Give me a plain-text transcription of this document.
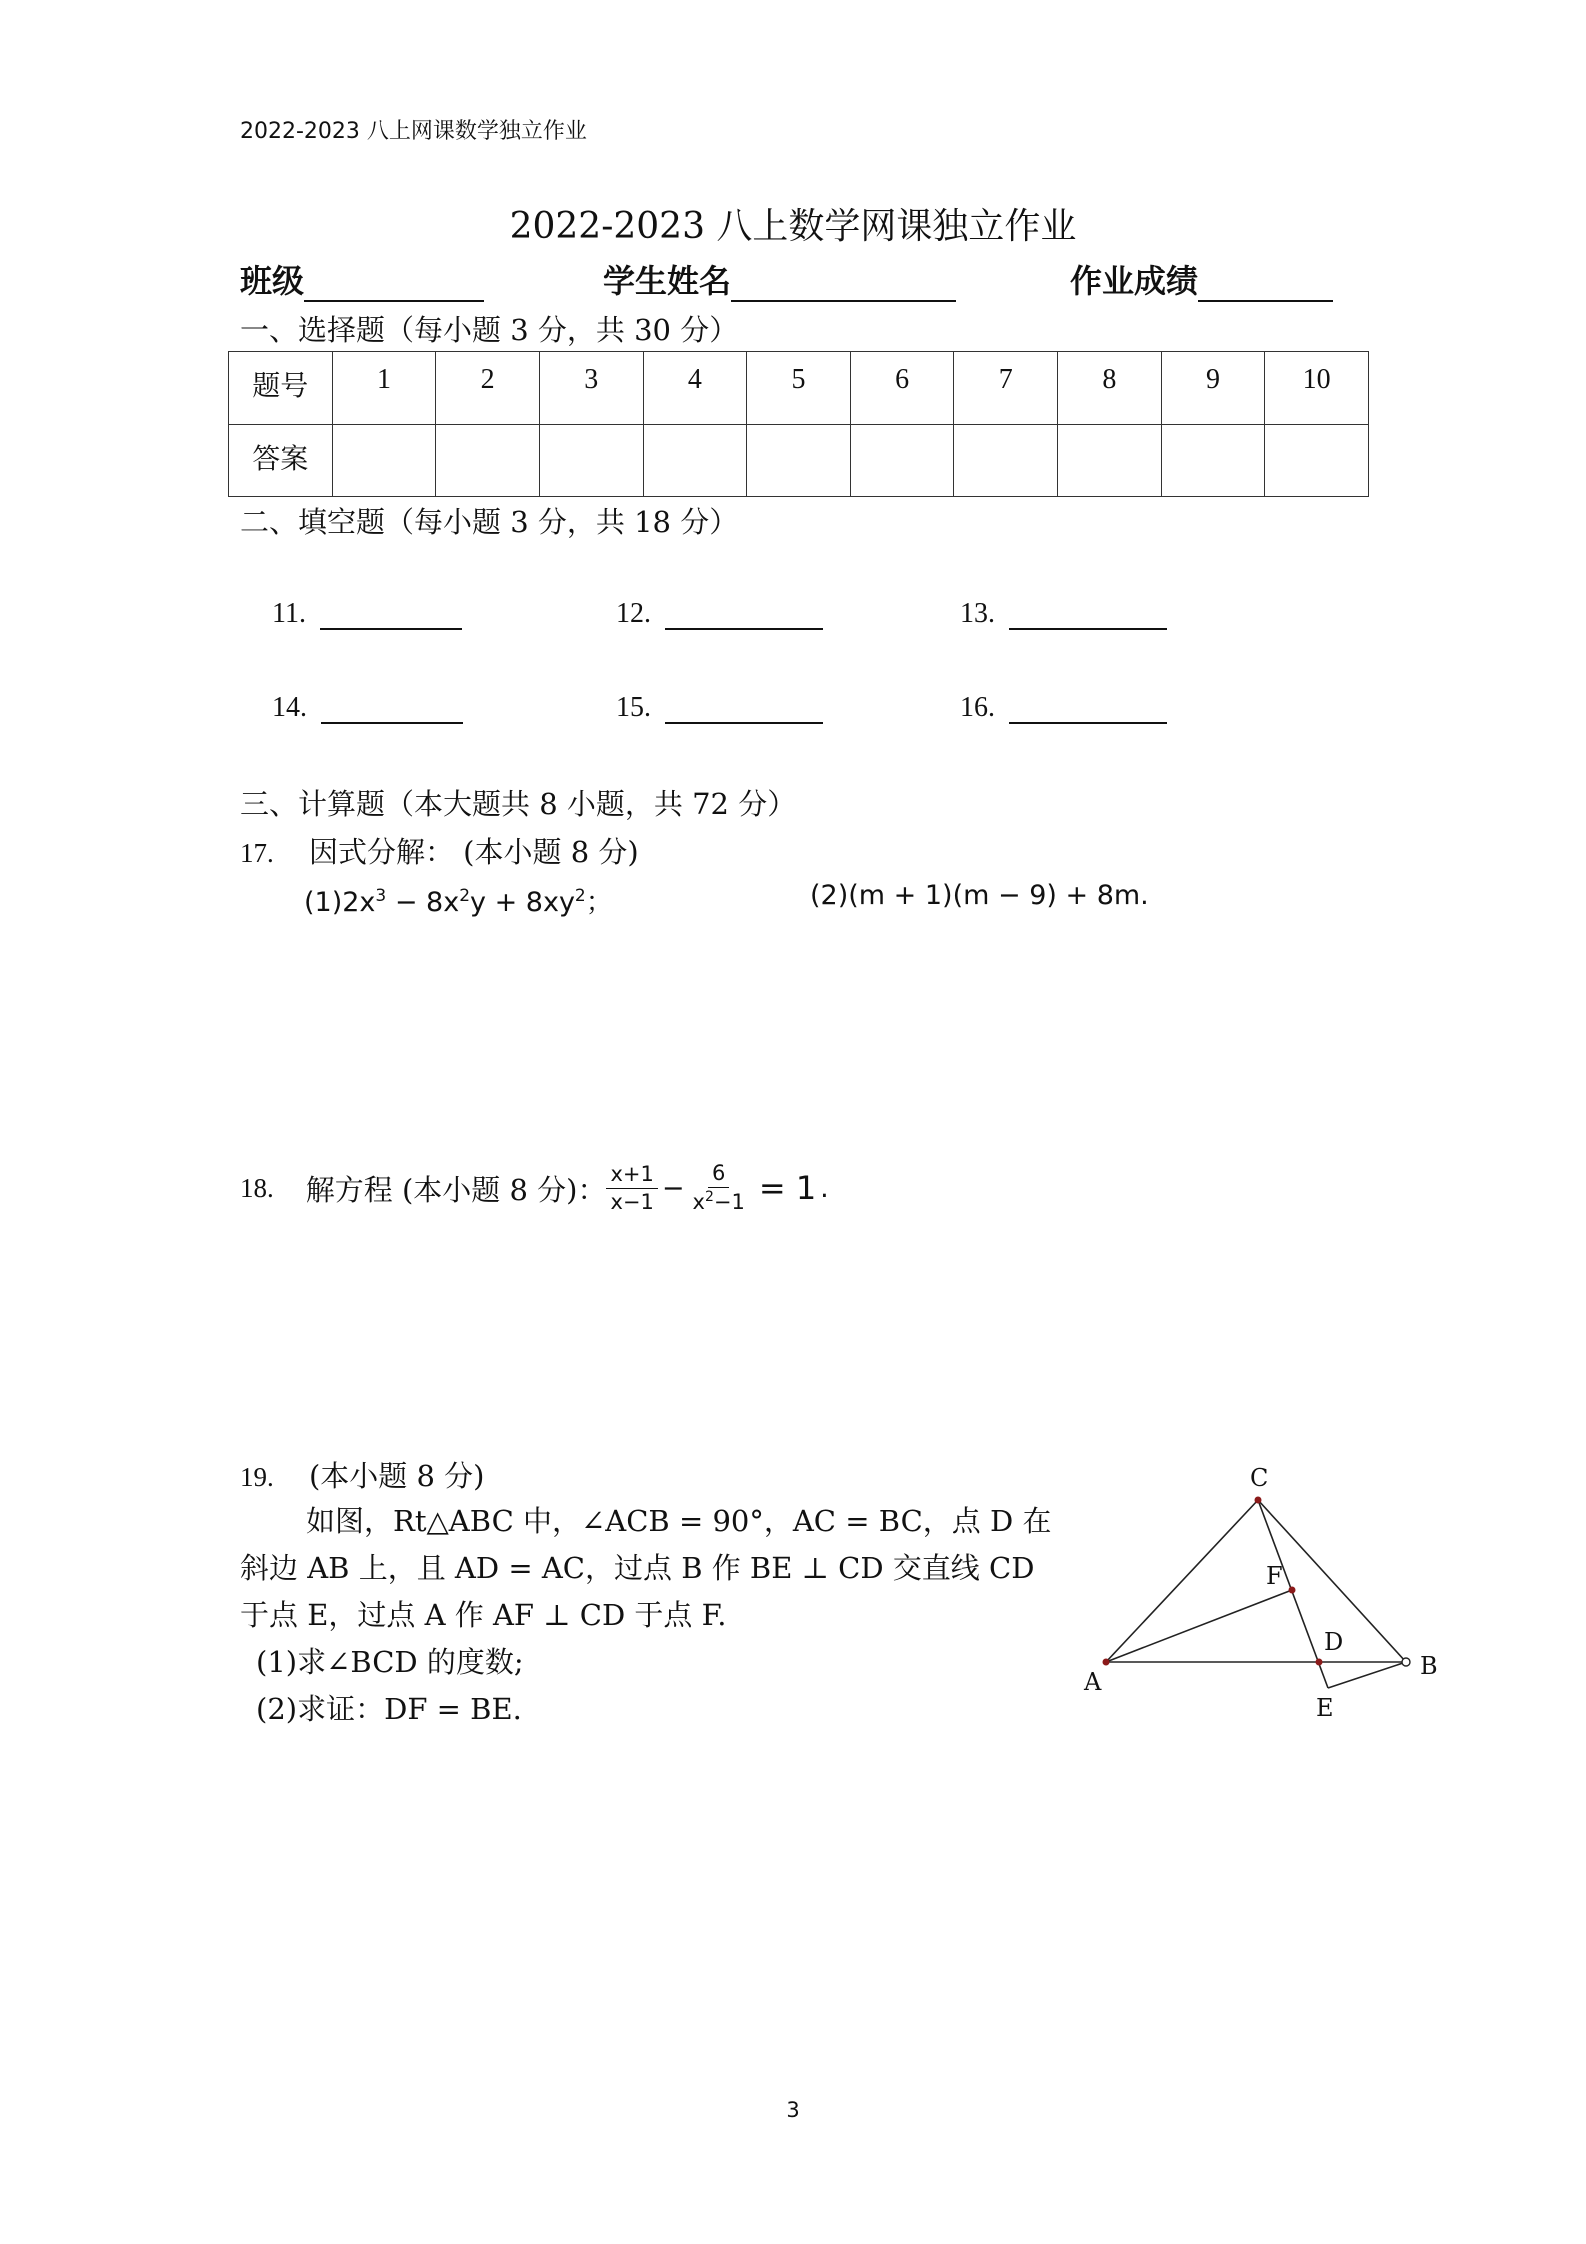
2022-2023 八上网课数学独立作业
2022-2023 八上数学网课独立作业
班级	学生姓名	作业成绩
一、选择题（每小题 3 分，共 30 分）
题号	1	2	3	4	5	6	7	8	9	10
答案										
二、填空题（每小题 3 分，共 18 分）
11.	12.	13.
14.	15.	16.
三、计算题（本大题共 8 小题，共 72 分）
17. 因式分解： (本小题 8 分)
$(1)2x^3 - 8x^2y + 8xy^2$；	(2)(m + 1)(m − 9) + 8m.
18. 解方程 (本小题 8 分)： $\frac{x+1}{x-1} - \frac{6}{x^2-1} = 1$ .
19. (本小题 8 分)
如图，Rt△ABC 中，∠ACB = 90°，AC = BC，点 D 在
斜边 AB 上，且 AD = AC，过点 B 作 BE ⊥ CD 交直线 CD
于点 E，过点 A 作 AF ⊥ CD 于点 F.
(1)求∠BCD 的度数;
(2)求证：DF = BE.
C
A
B
F
D
E
3
